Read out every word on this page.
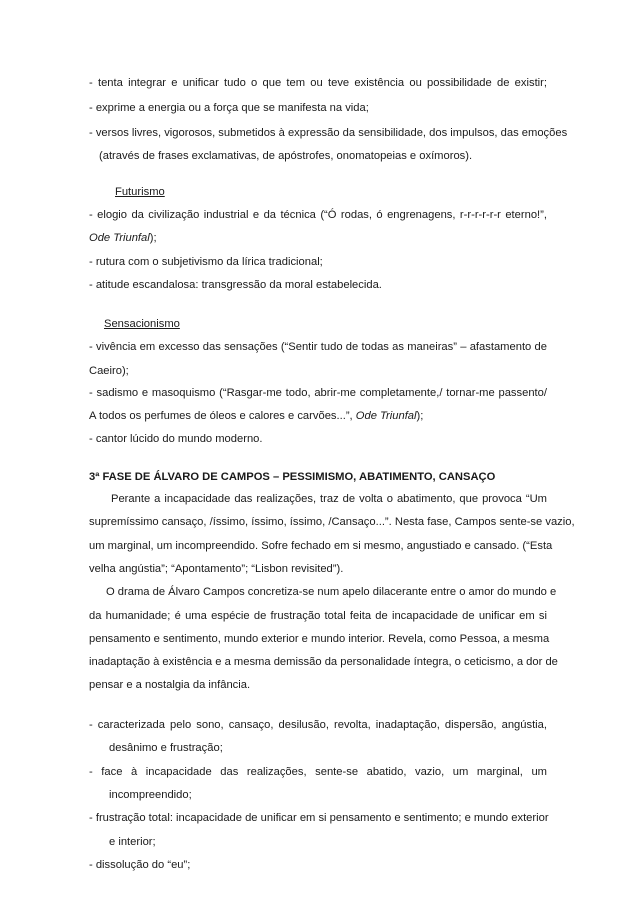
- tenta integrar e unificar tudo o que tem ou teve existência ou possibilidade de existir;
- exprime a energia ou a força que se manifesta na vida;
- versos livres, vigorosos, submetidos à expressão da sensibilidade, dos impulsos, das emoções
(através de frases exclamativas, de apóstrofes, onomatopeias e oxímoros).
Futurismo
- elogio da civilização industrial e da técnica (“Ó rodas, ó engrenagens, r-r-r-r-r-r eterno!”,
Ode Triunfal);
- rutura com o subjetivismo da lírica tradicional;
- atitude escandalosa: transgressão da moral estabelecida.
Sensacionismo
- vivência em excesso das sensações (“Sentir tudo de todas as maneiras” – afastamento de
Caeiro);
- sadismo e masoquismo (“Rasgar-me todo, abrir-me completamente,/ tornar-me passento/
A todos os perfumes de óleos e calores e carvões...”, Ode Triunfal);
- cantor lúcido do mundo moderno.
3ª FASE DE ÁLVARO DE CAMPOS – PESSIMISMO, ABATIMENTO, CANSAÇO
Perante a incapacidade das realizações, traz de volta o abatimento, que provoca “Um
supremíssimo cansaço, /íssimo, íssimo, íssimo, /Cansaço...”. Nesta fase, Campos sente-se vazio,
um marginal, um incompreendido. Sofre fechado em si mesmo, angustiado e cansado. (“Esta
velha angústia”; “Apontamento”; “Lisbon revisited”).
O drama de Álvaro Campos concretiza-se num apelo dilacerante entre o amor do mundo e
da humanidade; é uma espécie de frustração total feita de incapacidade de unificar em si
pensamento e sentimento, mundo exterior e mundo interior. Revela, como Pessoa, a mesma
inadaptação à existência e a mesma demissão da personalidade íntegra, o ceticismo, a dor de
pensar e a nostalgia da infância.
- caracterizada pelo sono, cansaço, desilusão, revolta, inadaptação, dispersão, angústia,
desânimo e frustração;
- face à incapacidade das realizações, sente-se abatido, vazio, um marginal, um
incompreendido;
- frustração total: incapacidade de unificar em si pensamento e sentimento; e mundo exterior
e interior;
- dissolução do “eu”;
